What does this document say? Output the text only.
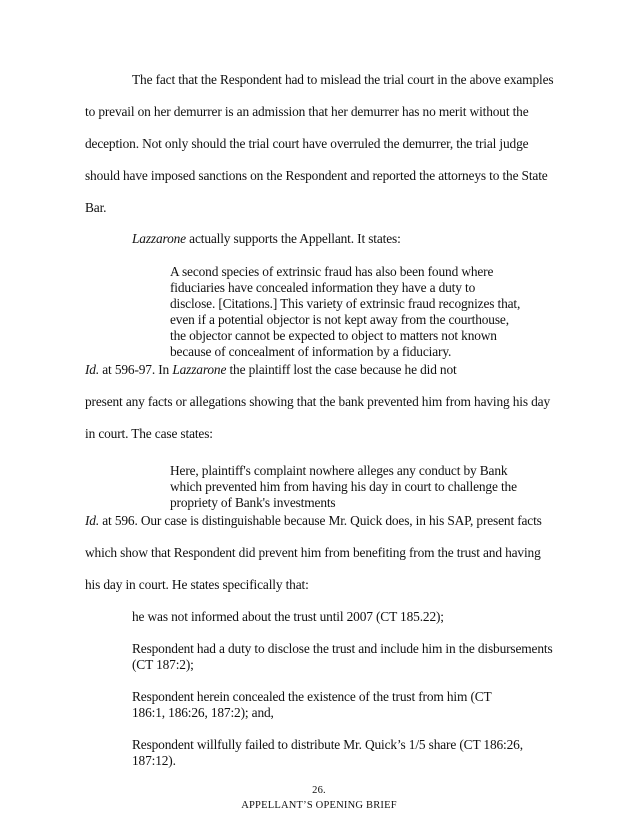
The fact that the Respondent had to mislead the trial court in the above examples
to prevail on her demurrer is an admission that her demurrer has no merit without the
deception. Not only should the trial court have overruled the demurrer, the trial judge
should have imposed sanctions on the Respondent and reported the attorneys to the State
Bar.
Lazzarone actually supports the Appellant. It states:
A second species of extrinsic fraud has also been found where
fiduciaries have concealed information they have a duty to
disclose. [Citations.] This variety of extrinsic fraud recognizes that,
even if a potential objector is not kept away from the courthouse,
the objector cannot be expected to object to matters not known
because of concealment of information by a fiduciary.
Id. at 596-97. In Lazzarone the plaintiff lost the case because he did not
present any facts or allegations showing that the bank prevented him from having his day
in court. The case states:
Here, plaintiff's complaint nowhere alleges any conduct by Bank
which prevented him from having his day in court to challenge the
propriety of Bank's investments
Id. at 596. Our case is distinguishable because Mr. Quick does, in his SAP, present facts
which show that Respondent did prevent him from benefiting from the trust and having
his day in court. He states specifically that:
he was not informed about the trust until 2007 (CT 185.22);
Respondent had a duty to disclose the trust and include him in the disbursements
(CT 187:2);
Respondent herein concealed the existence of the trust from him (CT
186:1, 186:26, 187:2); and,
Respondent willfully failed to distribute Mr. Quick’s 1/5 share (CT 186:26,
187:12).
26.
APPELLANT’S OPENING BRIEF
